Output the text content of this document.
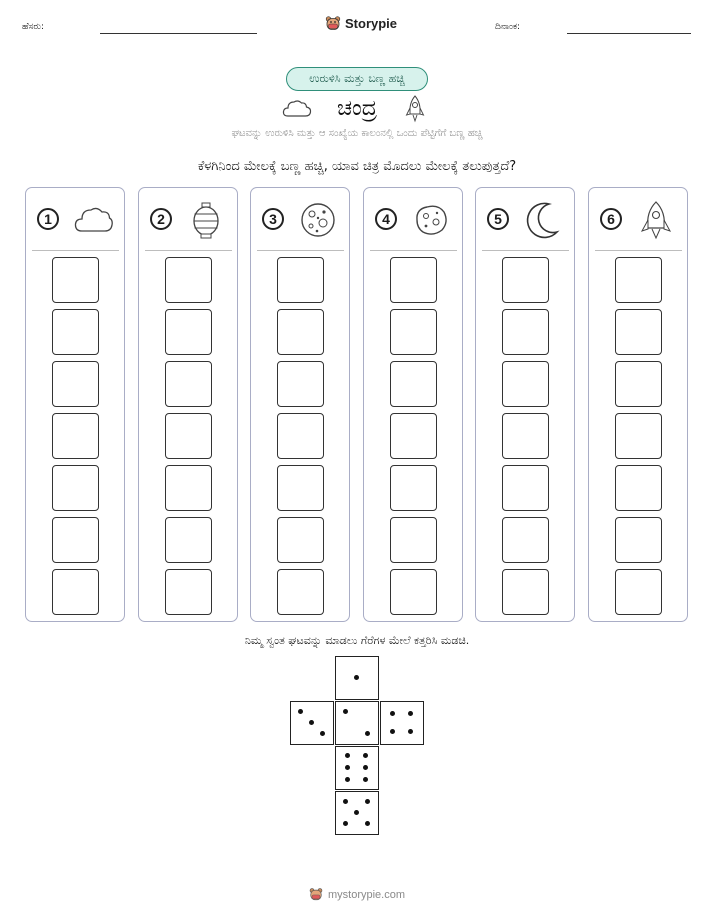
ಹೆಸರು:	Storypie	ದಿನಾಂಕ:
ಉರುಳಿಸಿ ಮತ್ತು ಬಣ್ಣ ಹಚ್ಚಿ
ಚಂದ್ರ
ಘಟವನ್ನು ಉರುಳಿಸಿ ಮತ್ತು ಆ ಸಂಖ್ಯೆಯ ಕಾಲಂನಲ್ಲಿ ಒಂದು ಪೆಟ್ಟಿಗೆಗೆ ಬಣ್ಣ ಹಚ್ಚಿ
ಕೆಳಗಿನಿಂದ ಮೇಲಕ್ಕೆ ಬಣ್ಣ ಹಚ್ಚಿ, ಯಾವ ಚಿತ್ರ ಮೊದಲು ಮೇಲಕ್ಕೆ ತಲುಪುತ್ತದೆ?
1	2	3	4	5	6
ನಿಮ್ಮ ಸ್ವಂತ ಘಟವನ್ನು ಮಾಡಲು ಗೆರೆಗಳ ಮೇಲೆ ಕತ್ತರಿಸಿ ಮಡಚಿ.
mystorypie.com
